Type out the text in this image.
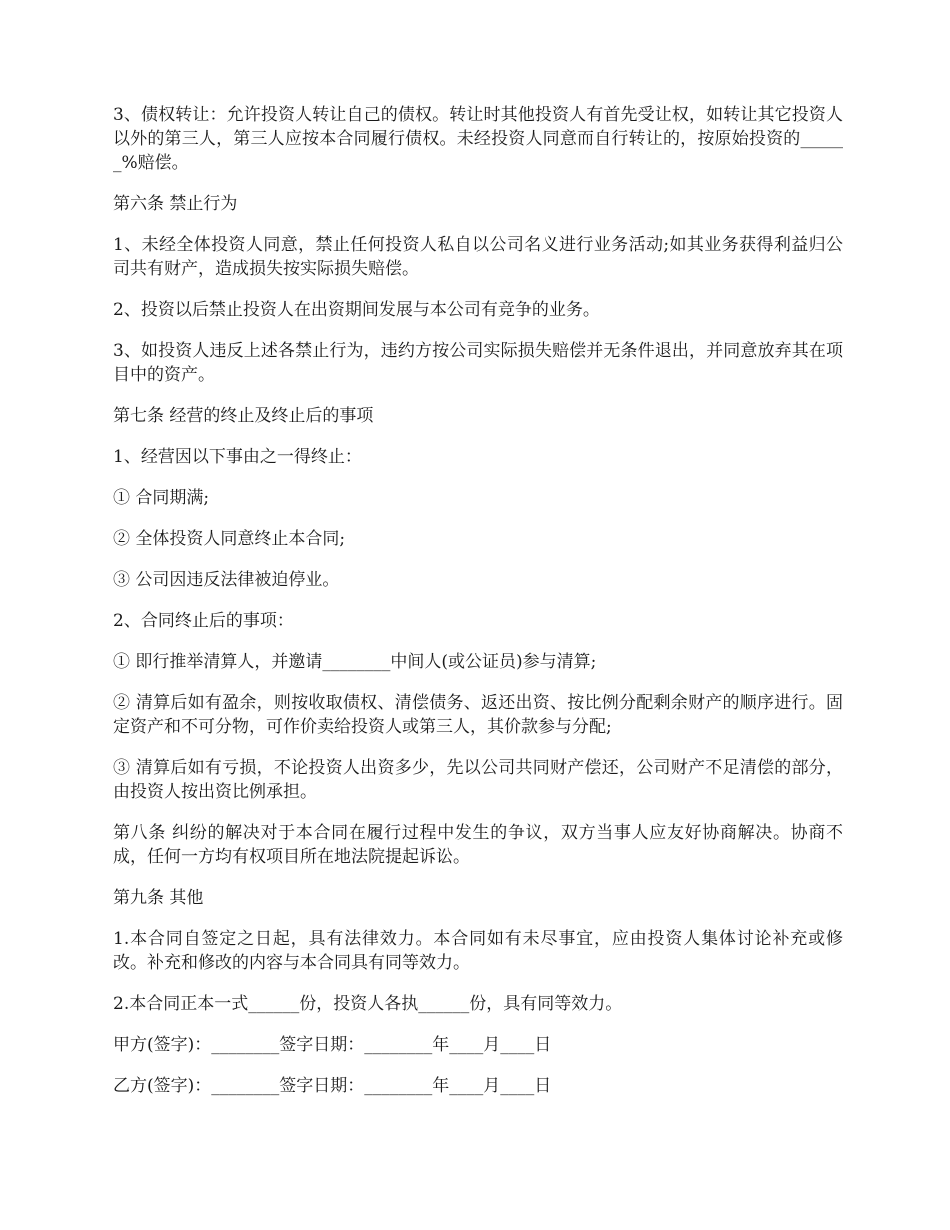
3、债权转让：允许投资人转让自己的债权。转让时其他投资人有首先受让权，如转让其它投资人以外的第三人，第三人应按本合同履行债权。未经投资人同意而自行转让的，按原始投资的______%赔偿。

第六条 禁止行为

1、未经全体投资人同意，禁止任何投资人私自以公司名义进行业务活动;如其业务获得利益归公司共有财产，造成损失按实际损失赔偿。

2、投资以后禁止投资人在出资期间发展与本公司有竞争的业务。

3、如投资人违反上述各禁止行为，违约方按公司实际损失赔偿并无条件退出，并同意放弃其在项目中的资产。

第七条 经营的终止及终止后的事项

1、经营因以下事由之一得终止：

① 合同期满;

② 全体投资人同意终止本合同;

③ 公司因违反法律被迫停业。

2、合同终止后的事项：

① 即行推举清算人，并邀请________中间人(或公证员)参与清算;

② 清算后如有盈余，则按收取债权、清偿债务、返还出资、按比例分配剩余财产的顺序进行。固定资产和不可分物，可作价卖给投资人或第三人，其价款参与分配;

③ 清算后如有亏损，不论投资人出资多少，先以公司共同财产偿还，公司财产不足清偿的部分，由投资人按出资比例承担。

第八条 纠纷的解决对于本合同在履行过程中发生的争议，双方当事人应友好协商解决。协商不成，任何一方均有权项目所在地法院提起诉讼。

第九条 其他

1.本合同自签定之日起，具有法律效力。本合同如有未尽事宜，应由投资人集体讨论补充或修改。补充和修改的内容与本合同具有同等效力。

2.本合同正本一式______份，投资人各执______份，具有同等效力。

甲方(签字)：________签字日期：________年____月____日

乙方(签字)：________签字日期：________年____月____日
